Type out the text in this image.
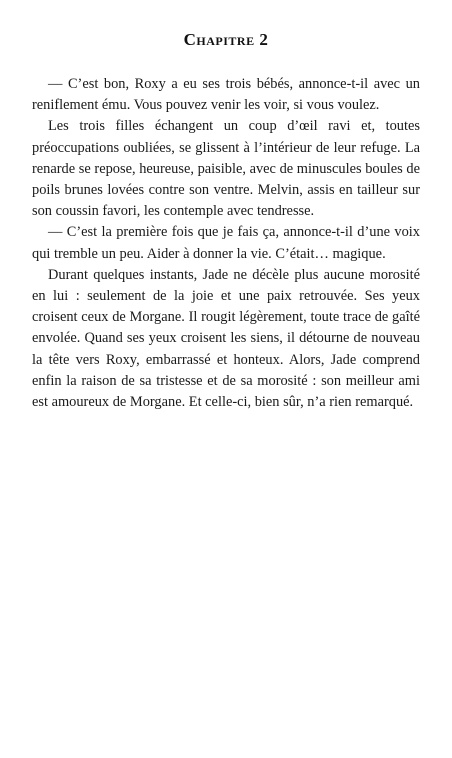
Chapitre 2

— C’est bon, Roxy a eu ses trois bébés, annonce-t-il avec un reniflement ému. Vous pouvez venir les voir, si vous voulez.

Les trois filles échangent un coup d’œil ravi et, toutes préoccupations oubliées, se glissent à l’intérieur de leur refuge. La renarde se repose, heureuse, paisible, avec de minuscules boules de poils brunes lovées contre son ventre. Melvin, assis en tailleur sur son coussin favori, les contemple avec tendresse.

— C’est la première fois que je fais ça, annonce-t-il d’une voix qui tremble un peu. Aider à donner la vie. C’était… magique.

Durant quelques instants, Jade ne décèle plus aucune morosité en lui : seulement de la joie et une paix retrouvée. Ses yeux croisent ceux de Morgane. Il rougit légèrement, toute trace de gaîté envolée. Quand ses yeux croisent les siens, il détourne de nouveau la tête vers Roxy, embarrassé et honteux. Alors, Jade comprend enfin la raison de sa tristesse et de sa morosité : son meilleur ami est amoureux de Morgane. Et celle-ci, bien sûr, n’a rien remarqué.
